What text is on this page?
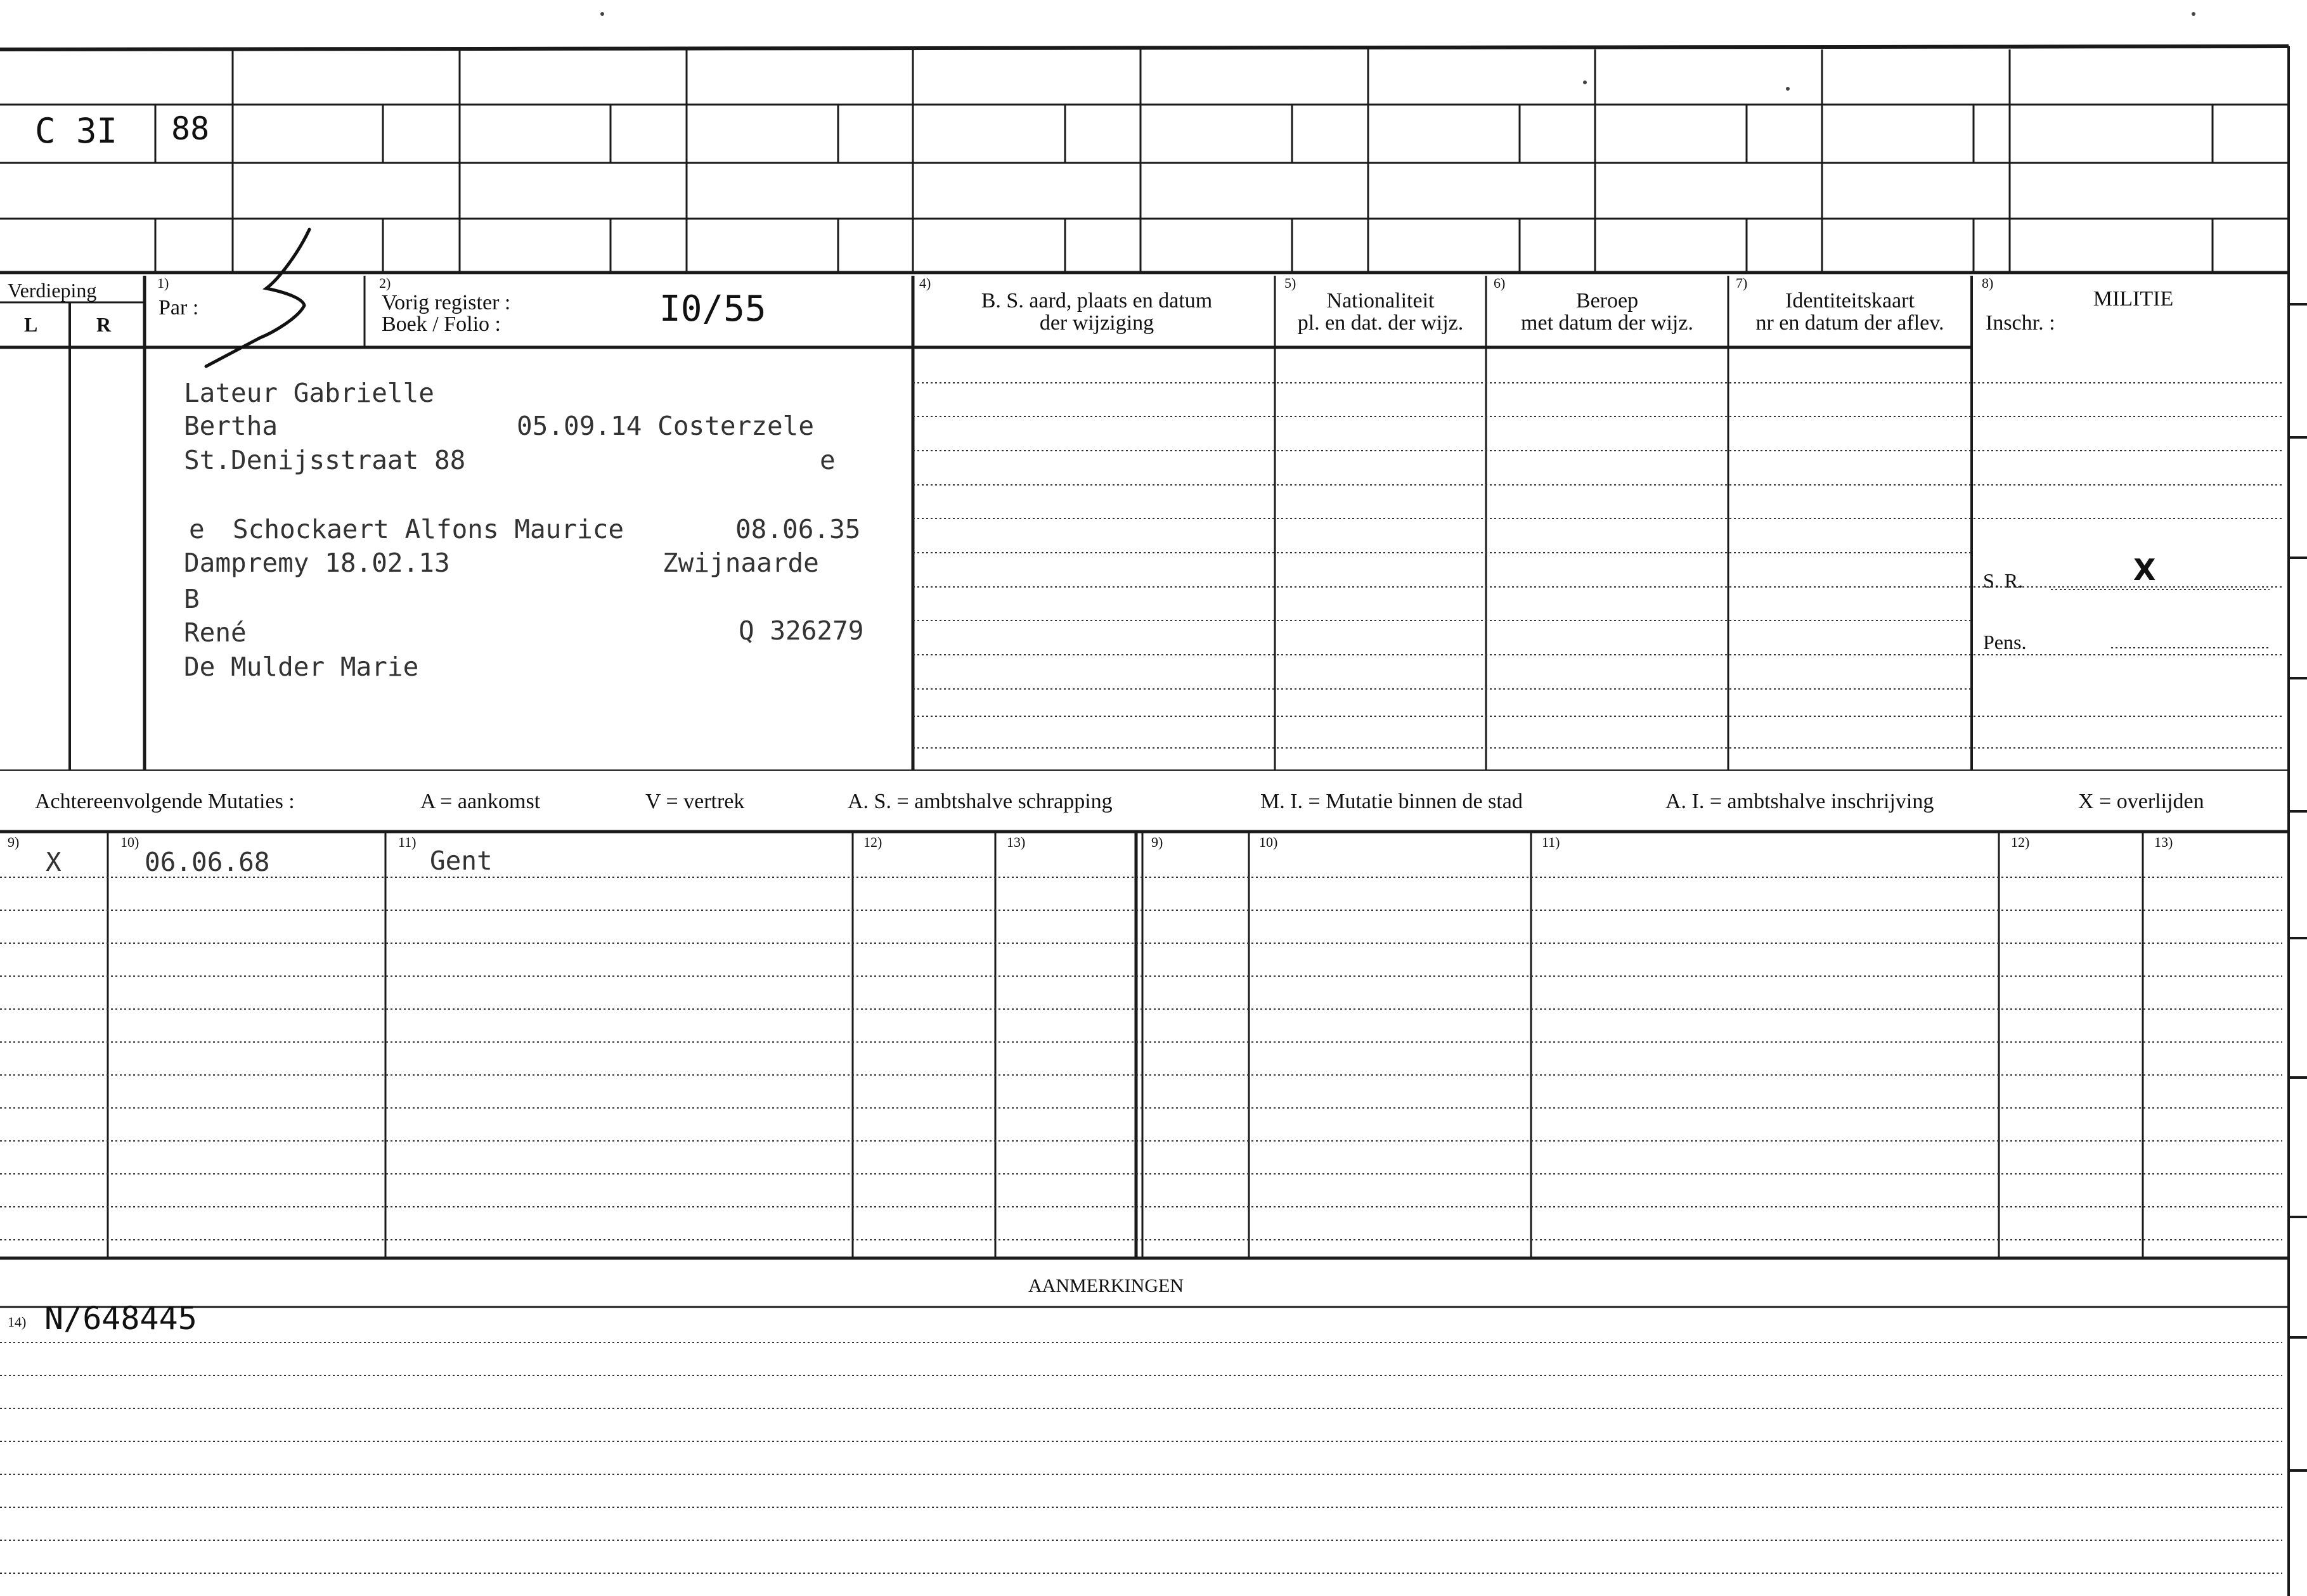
C 3I 88
Verdieping
L	R
1)
Par :
2)
Vorig register :
Boek / Folio :	I0/55
4)
B. S. aard, plaats en datum
der wijziging
5)
Nationaliteit
pl. en dat. der wijz.
6)
Beroep
met datum der wijz.
7)
Identiteitskaart
nr en datum der aflev.
8)
MILITIE
Inschr. :
Lateur Gabrielle
Bertha	05.09.14 Costerzele
St.Denijsstraat 88	e
e Schockaert Alfons Maurice	08.06.35
Dampremy 18.02.13	Zwijnaarde
B
René	Q 326279
De Mulder Marie
S. R.	X
Pens.
Achtereenvolgende Mutaties :	A = aankomst	V = vertrek	A. S. = ambtshalve schrapping	M. I. = Mutatie binnen de stad	A. I. = ambtshalve inschrijving	X = overlijden
9)	10)	11)	12)	13)	9)	10)	11)	12)	13)
X	06.06.68	Gent
AANMERKINGEN
14) N/648445
